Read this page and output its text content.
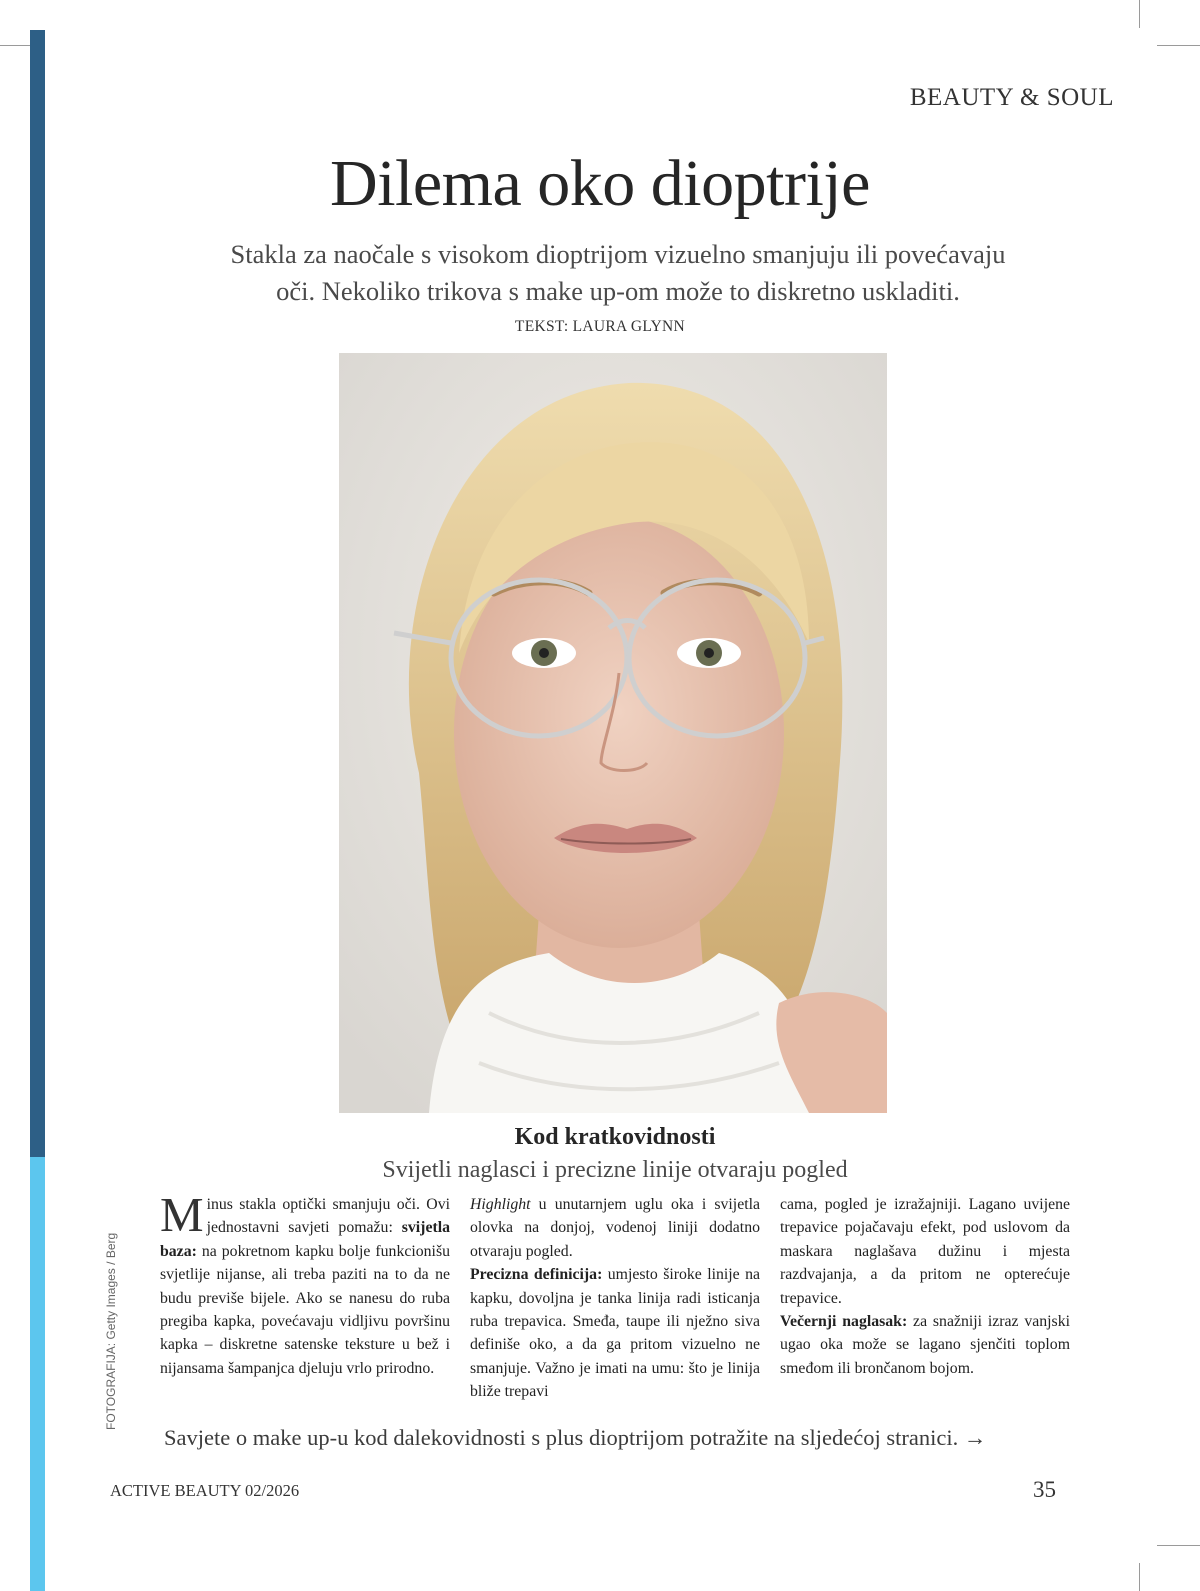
BEAUTY & SOUL
Dilema oko dioptrije
Stakla za naočale s visokom dioptrijom vizuelno smanjuju ili povećavaju
oči. Nekoliko trikova s make up-om može to diskretno uskladiti.
TEKST: LAURA GLYNN
FOTOGRAFIJA: Getty Images / Berg
Kod kratkovidnosti
Svijetli naglasci i precizne linije otvaraju pogled

Minus stakla optički smanjuju oči. Ovi jednostavni savjeti pomažu: svijetla baza: na pokretnom kapku bolje funkcionišu svjetlije nijanse, ali treba paziti na to da ne budu previše bijele. Ako se nanesu do ruba pregiba kapka, povećavaju vidljivu površinu kapka – diskretne satenske teksture u bež i nijansama šampanjca djeluju vrlo prirodno.

Highlight u unutarnjem uglu oka i svijetla olovka na donjoj, vodenoj liniji dodatno otvaraju pogled.

Precizna definicija: umjesto široke linije na kapku, dovoljna je tanka linija radi isticanja ruba trepavica. Smeđa, taupe ili nježno siva definiše oko, a da ga pritom vizuelno ne smanjuje. Važno je imati na umu: što je linija bliže trepavi

cama, pogled je izražajniji. Lagano uvijene trepavice pojačavaju efekt, pod uslovom da maskara naglašava dužinu i mjesta razdvajanja, a da pritom ne opterećuje trepavice.

Večernji naglasak: za snažniji izraz vanjski ugao oka može se lagano sjenčiti toplom smeđom ili brončanom bojom.

Savjete o make up-u kod dalekovidnosti s plus dioptrijom potražite na sljedećoj stranici. →
ACTIVE BEAUTY 02/2026	35
